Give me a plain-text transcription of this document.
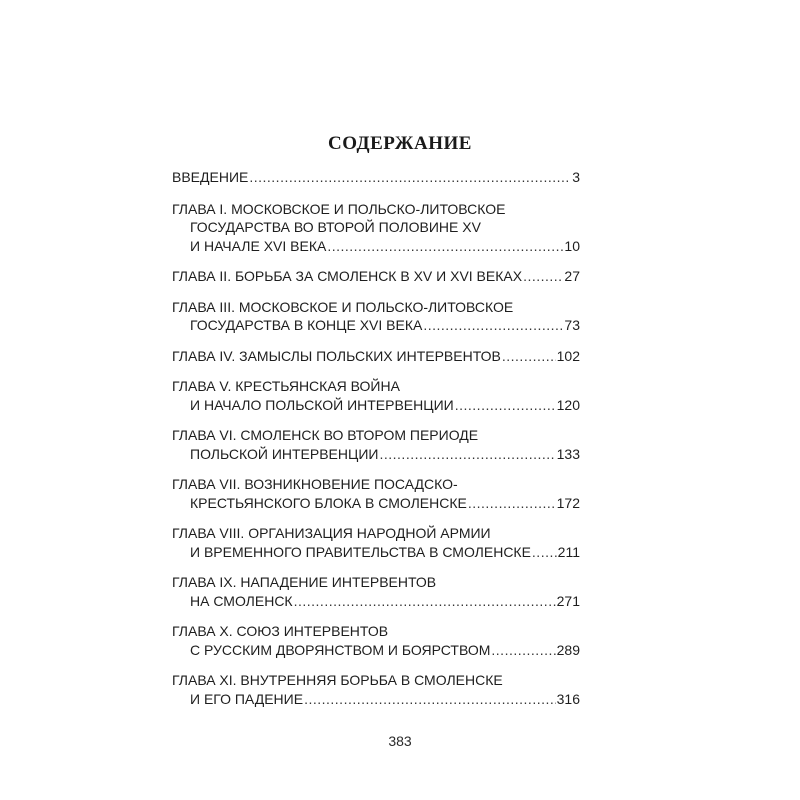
СОДЕРЖАНИЕ
ВВЕДЕНИЕ .....	3
ГЛАВА I. МОСКОВСКОЕ И ПОЛЬСКО-ЛИТОВСКОЕ
ГОСУДАРСТВА ВО ВТОРОЙ ПОЛОВИНЕ XV
И НАЧАЛЕ XVI ВЕКА .....	10
ГЛАВА II. БОРЬБА ЗА СМОЛЕНСК В XV И XVI ВЕКАХ .....	27
ГЛАВА III. МОСКОВСКОЕ И ПОЛЬСКО-ЛИТОВСКОЕ
ГОСУДАРСТВА В КОНЦЕ XVI ВЕКА .....	73
ГЛАВА IV. ЗАМЫСЛЫ ПОЛЬСКИХ ИНТЕРВЕНТОВ .....	102
ГЛАВА V. КРЕСТЬЯНСКАЯ ВОЙНА
И НАЧАЛО ПОЛЬСКОЙ ИНТЕРВЕНЦИИ .....	120
ГЛАВА VI. СМОЛЕНСК ВО ВТОРОМ ПЕРИОДЕ
ПОЛЬСКОЙ ИНТЕРВЕНЦИИ .....	133
ГЛАВА VII. ВОЗНИКНОВЕНИЕ ПОСАДСКО-
КРЕСТЬЯНСКОГО БЛОКА В СМОЛЕНСКЕ .....	172
ГЛАВА VIII. ОРГАНИЗАЦИЯ НАРОДНОЙ АРМИИ
И ВРЕМЕННОГО ПРАВИТЕЛЬСТВА В СМОЛЕНСКЕ ..... 211
ГЛАВА IX. НАПАДЕНИЕ ИНТЕРВЕНТОВ
НА СМОЛЕНСК .....	271
ГЛАВА X. СОЮЗ ИНТЕРВЕНТОВ
С РУССКИМ ДВОРЯНСТВОМ И БОЯРСТВОМ .....	289
ГЛАВА XI. ВНУТРЕННЯЯ БОРЬБА В СМОЛЕНСКЕ
И ЕГО ПАДЕНИЕ .....	316
383
